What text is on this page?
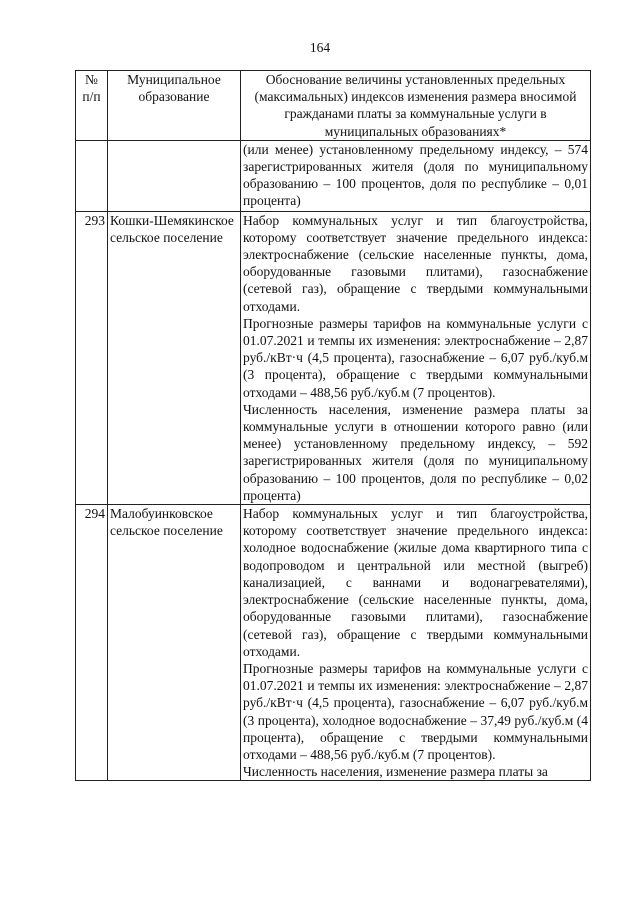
164
№ п/п	Муниципальное образование	Обоснование величины установленных предельных (максимальных) индексов изменения размера вносимой гражданами платы за коммунальные услуги в муниципальных образованиях*
		(или менее) установленному предельному индексу, – 574 зарегистрированных жителя (доля по муниципальному образованию – 100 процентов, доля по республике – 0,01 процента)
293	Кошки-Шемякинское сельское поселение	Набор коммунальных услуг и тип благоустройства, которому соответствует значение предельного индекса: электроснабжение (сельские населенные пункты, дома, оборудованные газовыми плитами), газоснабжение (сетевой газ), обращение с твердыми коммунальными отходами.

Прогнозные размеры тарифов на коммунальные услуги с 01.07.2021 и темпы их изменения: электроснабжение – 2,87 руб./кВт·ч (4,5 процента), газоснабжение – 6,07 руб./куб.м (3 процента), обращение с твердыми коммунальными отходами – 488,56 руб./куб.м (7 процентов).

Численность населения, изменение размера платы за коммунальные услуги в отношении которого равно (или менее) установленному предельному индексу, – 592 зарегистрированных жителя (доля по муниципальному образованию – 100 процентов, доля по республике – 0,02 процента)

294	Малобуинковское сельское поселение	Набор коммунальных услуг и тип благоустройства, которому соответствует значение предельного индекса: холодное водоснабжение (жилые дома квартирного типа с водопроводом и центральной или местной (выгреб) канализацией, с ваннами и водонагревателями), электроснабжение (сельские населенные пункты, дома, оборудованные газовыми плитами), газоснабжение (сетевой газ), обращение с твердыми коммунальными отходами.

Прогнозные размеры тарифов на коммунальные услуги с 01.07.2021 и темпы их изменения: электроснабжение – 2,87 руб./кВт·ч (4,5 процента), газоснабжение – 6,07 руб./куб.м (3 процента), холодное водоснабжение – 37,49 руб./куб.м (4 процента), обращение с твердыми коммунальными отходами – 488,56 руб./куб.м (7 процентов).

Численность населения, изменение размера платы за
